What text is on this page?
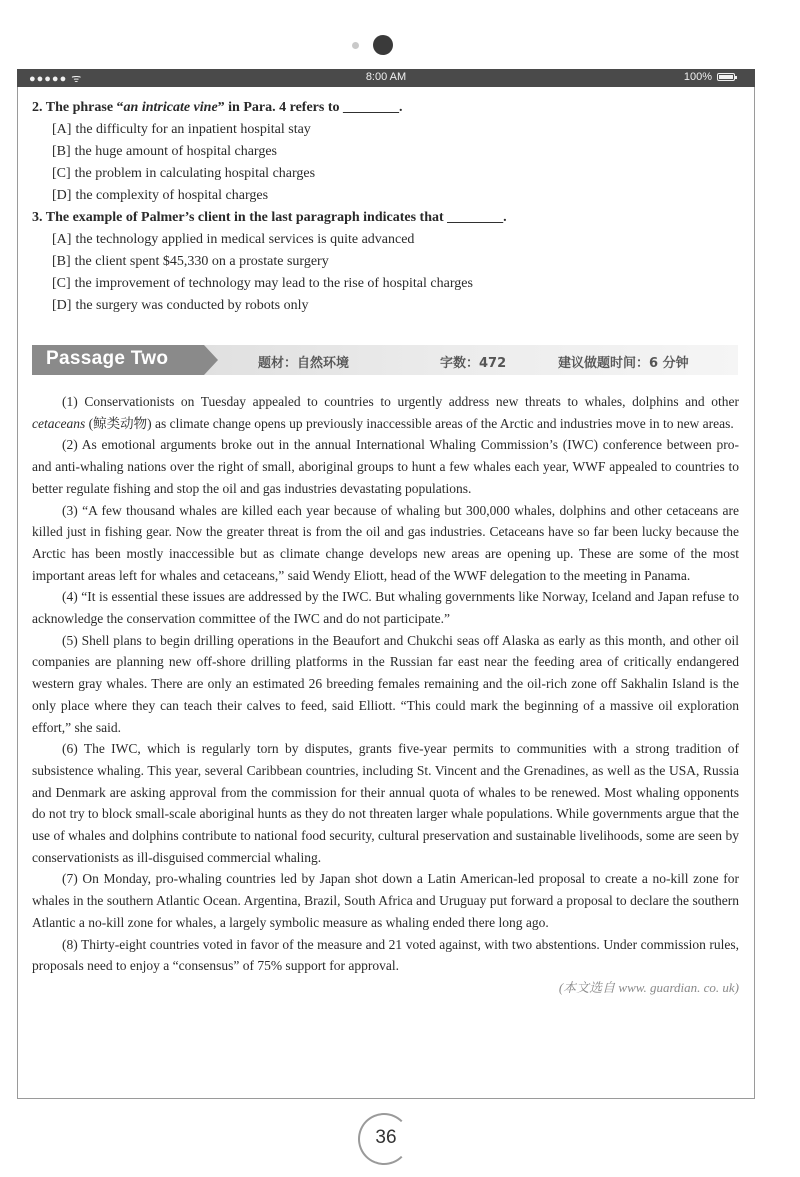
●●●●● ᯤ	8:00 AM	100%
2. The phrase “an intricate vine” in Para. 4 refers to ________.
[A] the difficulty for an inpatient hospital stay
[B] the huge amount of hospital charges
[C] the problem in calculating hospital charges
[D] the complexity of hospital charges
3. The example of Palmer’s client in the last paragraph indicates that ________.
[A] the technology applied in medical services is quite advanced
[B] the client spent $45,330 on a prostate surgery
[C] the improvement of technology may lead to the rise of hospital charges
[D] the surgery was conducted by robots only
Passage Two	题材：自然环境	字数：472	建议做题时间：6 分钟

(1) Conservationists on Tuesday appealed to countries to urgently address new threats to whales, dolphins and other cetaceans (鲸类动物) as climate change opens up previously inaccessible areas of the Arctic and industries move in to new areas.

(2) As emotional arguments broke out in the annual International Whaling Commission’s (IWC) conference between pro- and anti-whaling nations over the right of small, aboriginal groups to hunt a few whales each year, WWF appealed to countries to better regulate fishing and stop the oil and gas industries devastating populations.

(3) “A few thousand whales are killed each year because of whaling but 300,000 whales, dolphins and other cetaceans are killed just in fishing gear. Now the greater threat is from the oil and gas industries. Cetaceans have so far been lucky because the Arctic has been mostly inaccessible but as climate change develops new areas are opening up. These are some of the most important areas left for whales and cetaceans,” said Wendy Eliott, head of the WWF delegation to the meeting in Panama.

(4) “It is essential these issues are addressed by the IWC. But whaling governments like Norway, Iceland and Japan refuse to acknowledge the conservation committee of the IWC and do not participate.”

(5) Shell plans to begin drilling operations in the Beaufort and Chukchi seas off Alaska as early as this month, and other oil companies are planning new off-shore drilling platforms in the Russian far east near the feeding area of critically endangered western gray whales. There are only an estimated 26 breeding females remaining and the oil-rich zone off Sakhalin Island is the only place where they can teach their calves to feed, said Elliott. “This could mark the beginning of a massive oil exploration effort,” she said.

(6) The IWC, which is regularly torn by disputes, grants five-year permits to communities with a strong tradition of subsistence whaling. This year, several Caribbean countries, including St. Vincent and the Grenadines, as well as the USA, Russia and Denmark are asking approval from the commission for their annual quota of whales to be renewed. Most whaling opponents do not try to block small-scale aboriginal hunts as they do not threaten larger whale populations. While governments argue that the use of whales and dolphins contribute to national food security, cultural preservation and sustainable livelihoods, some are seen by conservationists as ill-disguised commercial whaling.

(7) On Monday, pro-whaling countries led by Japan shot down a Latin American-led proposal to create a no-kill zone for whales in the southern Atlantic Ocean. Argentina, Brazil, South Africa and Uruguay put forward a proposal to declare the southern Atlantic a no-kill zone for whales, a largely symbolic measure as whaling ended there long ago.

(8) Thirty-eight countries voted in favor of the measure and 21 voted against, with two abstentions. Under commission rules, proposals need to enjoy a “consensus” of 75% support for approval.

(本文选自 www. guardian. co. uk)
36
